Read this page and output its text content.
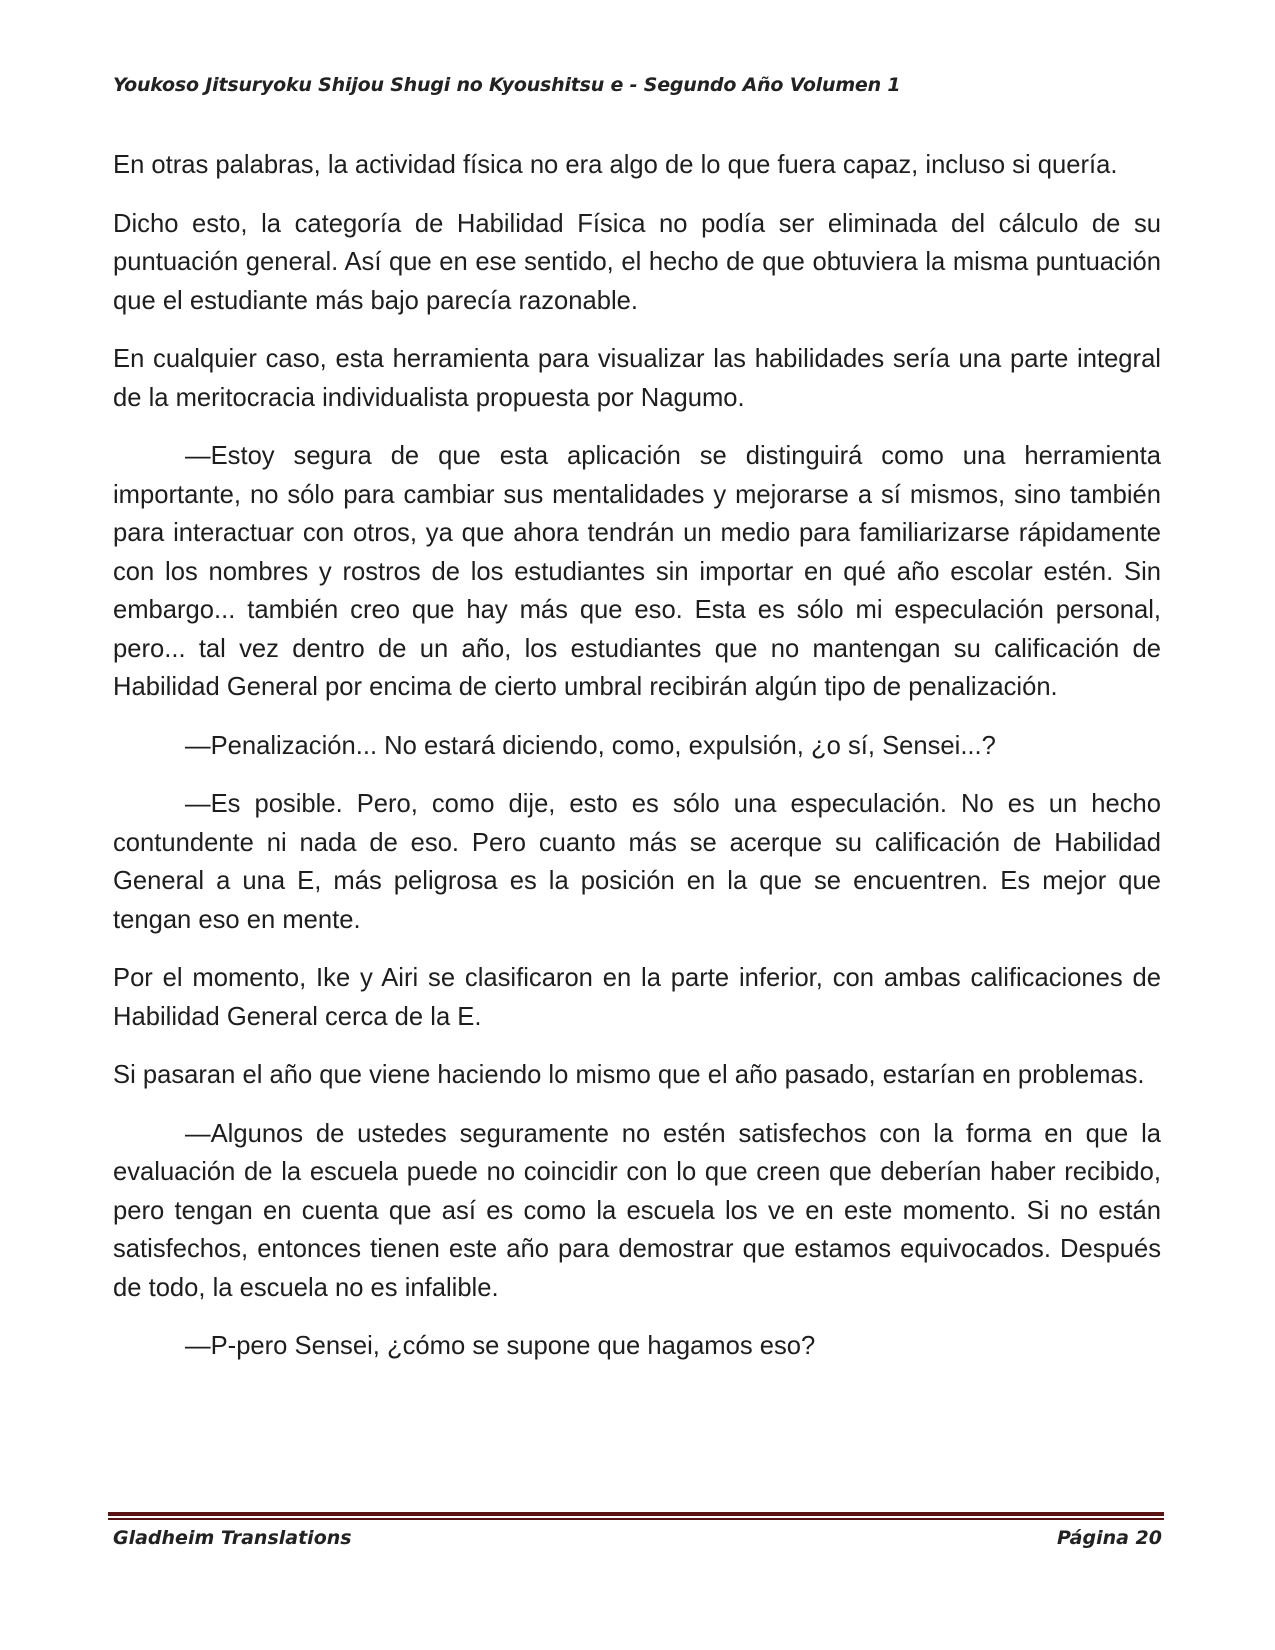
Youkoso Jitsuryoku Shijou Shugi no Kyoushitsu e - Segundo Año Volumen 1

En otras palabras, la actividad física no era algo de lo que fuera capaz, incluso si quería.

Dicho esto, la categoría de Habilidad Física no podía ser eliminada del cálculo de su puntuación general. Así que en ese sentido, el hecho de que obtuviera la misma puntuación que el estudiante más bajo parecía razonable.

En cualquier caso, esta herramienta para visualizar las habilidades sería una parte integral de la meritocracia individualista propuesta por Nagumo.

—Estoy segura de que esta aplicación se distinguirá como una herramienta importante, no sólo para cambiar sus mentalidades y mejorarse a sí mismos, sino también para interactuar con otros, ya que ahora tendrán un medio para familiarizarse rápidamente con los nombres y rostros de los estudiantes sin importar en qué año escolar estén. Sin embargo... también creo que hay más que eso. Esta es sólo mi especulación personal, pero... tal vez dentro de un año, los estudiantes que no mantengan su calificación de Habilidad General por encima de cierto umbral recibirán algún tipo de penalización.

—Penalización... No estará diciendo, como, expulsión, ¿o sí, Sensei...?

—Es posible. Pero, como dije, esto es sólo una especulación. No es un hecho contundente ni nada de eso. Pero cuanto más se acerque su calificación de Habilidad General a una E, más peligrosa es la posición en la que se encuentren. Es mejor que tengan eso en mente.

Por el momento, Ike y Airi se clasificaron en la parte inferior, con ambas calificaciones de Habilidad General cerca de la E.

Si pasaran el año que viene haciendo lo mismo que el año pasado, estarían en problemas.

—Algunos de ustedes seguramente no estén satisfechos con la forma en que la evaluación de la escuela puede no coincidir con lo que creen que deberían haber recibido, pero tengan en cuenta que así es como la escuela los ve en este momento. Si no están satisfechos, entonces tienen este año para demostrar que estamos equivocados. Después de todo, la escuela no es infalible.

—P-pero Sensei, ¿cómo se supone que hagamos eso?

Gladheim Translations	Página 20
